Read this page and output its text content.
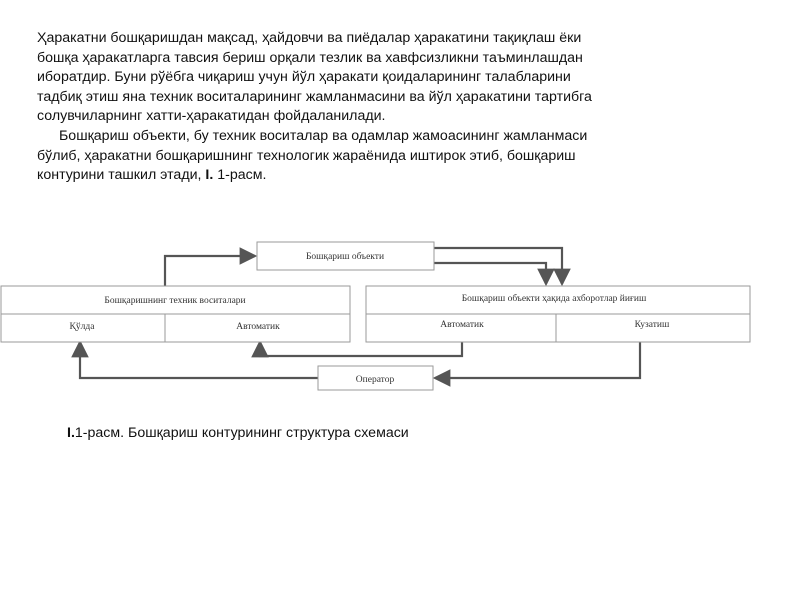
Ҳаракатни бошқаришдан мақсад, ҳайдовчи ва пиёдалар ҳаракатини тақиқлаш ёки
бошқа ҳаракатларга тавсия бериш орқали тезлик ва хавфсизликни таъминлашдан
иборатдир. Буни рўёбга чиқариш учун йўл ҳаракати қоидаларининг талабларини
тадбиқ этиш яна техник воситаларининг жамланмасини ва йўл ҳаракатини тартибга
солувчиларнинг хатти-ҳаракатидан фойдаланилади.

Бошқариш объекти, бу техник воситалар ва одамлар жамоасининг жамланмаси
бўлиб, ҳаракатни бошқаришнинг технологик жараёнида иштирок этиб, бошқариш
контурини ташкил этади, I. 1-расм.

Бошқариш объекти
Бошқаришнинг техник воситалари
Қўлда	Автоматик
Бошқариш объекти ҳақида ахборотлар йиғиш
Автоматик	Кузатиш
Оператор
I.1-расм. Бошқариш контурининг структура схемаси
